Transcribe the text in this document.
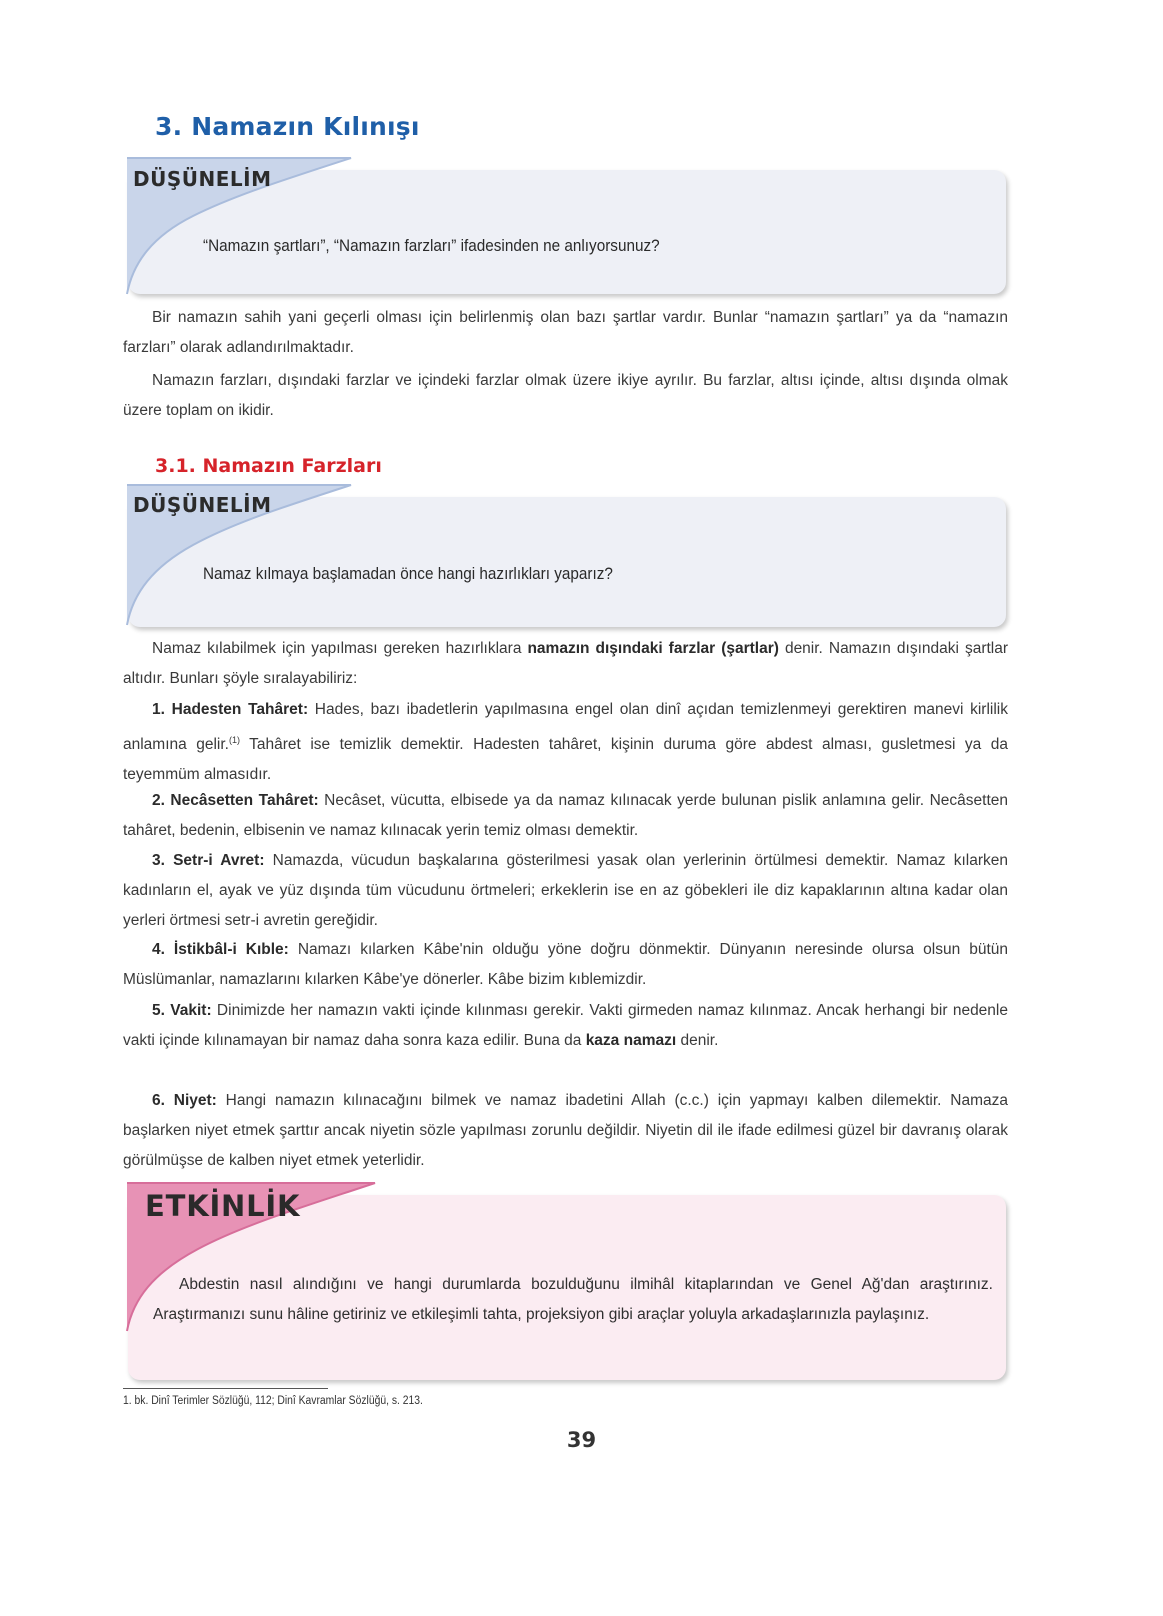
3. Namazın Kılınışı
DÜŞÜNELİM
“Namazın şartları”, “Namazın farzları” ifadesinden ne anlıyorsunuz?

Bir namazın sahih yani geçerli olması için belirlenmiş olan bazı şartlar vardır. Bunlar “namazın şartları” ya da “namazın farzları” olarak adlandırılmaktadır.

Namazın farzları, dışındaki farzlar ve içindeki farzlar olmak üzere ikiye ayrılır. Bu farzlar, altısı içinde, altısı dışında olmak üzere toplam on ikidir.

3.1. Namazın Farzları
DÜŞÜNELİM
Namaz kılmaya başlamadan önce hangi hazırlıkları yaparız?

Namaz kılabilmek için yapılması gereken hazırlıklara namazın dışındaki farzlar (şartlar) denir. Namazın dışındaki şartlar altıdır. Bunları şöyle sıralayabiliriz:

1. Hadesten Tahâret: Hades, bazı ibadetlerin yapılmasına engel olan dinî açıdan temizlenmeyi gerektiren manevi kirlilik anlamına gelir.$^{(1)}$ Tahâret ise temizlik demektir. Hadesten tahâret, kişinin duruma göre abdest alması, gusletmesi ya da teyemmüm almasıdır.

2. Necâsetten Tahâret: Necâset, vücutta, elbisede ya da namaz kılınacak yerde bulunan pislik anlamına gelir. Necâsetten tahâret, bedenin, elbisenin ve namaz kılınacak yerin temiz olması demektir.

3. Setr-i Avret: Namazda, vücudun başkalarına gösterilmesi yasak olan yerlerinin örtülmesi demektir. Namaz kılarken kadınların el, ayak ve yüz dışında tüm vücudunu örtmeleri; erkeklerin ise en az göbekleri ile diz kapaklarının altına kadar olan yerleri örtmesi setr-i avretin gereğidir.

4. İstikbâl-i Kıble: Namazı kılarken Kâbe'nin olduğu yöne doğru dönmektir. Dünyanın neresinde olursa olsun bütün Müslümanlar, namazlarını kılarken Kâbe'ye dönerler. Kâbe bizim kıblemizdir.

5. Vakit: Dinimizde her namazın vakti içinde kılınması gerekir. Vakti girmeden namaz kılınmaz. Ancak herhangi bir nedenle vakti içinde kılınamayan bir namaz daha sonra kaza edilir. Buna da kaza namazı denir.

6. Niyet: Hangi namazın kılınacağını bilmek ve namaz ibadetini Allah (c.c.) için yapmayı kalben dilemektir. Namaza başlarken niyet etmek şarttır ancak niyetin sözle yapılması zorunlu değildir. Niyetin dil ile ifade edilmesi güzel bir davranış olarak görülmüşse de kalben niyet etmek yeterlidir.

ETKİNLİK

Abdestin nasıl alındığını ve hangi durumlarda bozulduğunu ilmihâl kitaplarından ve Genel Ağ'dan araştırınız. Araştırmanızı sunu hâline getiriniz ve etkileşimli tahta, projeksiyon gibi araçlar yoluyla arkadaşlarınızla paylaşınız.

1. bk. Dinî Terimler Sözlüğü, 112; Dinî Kavramlar Sözlüğü, s. 213.
39
